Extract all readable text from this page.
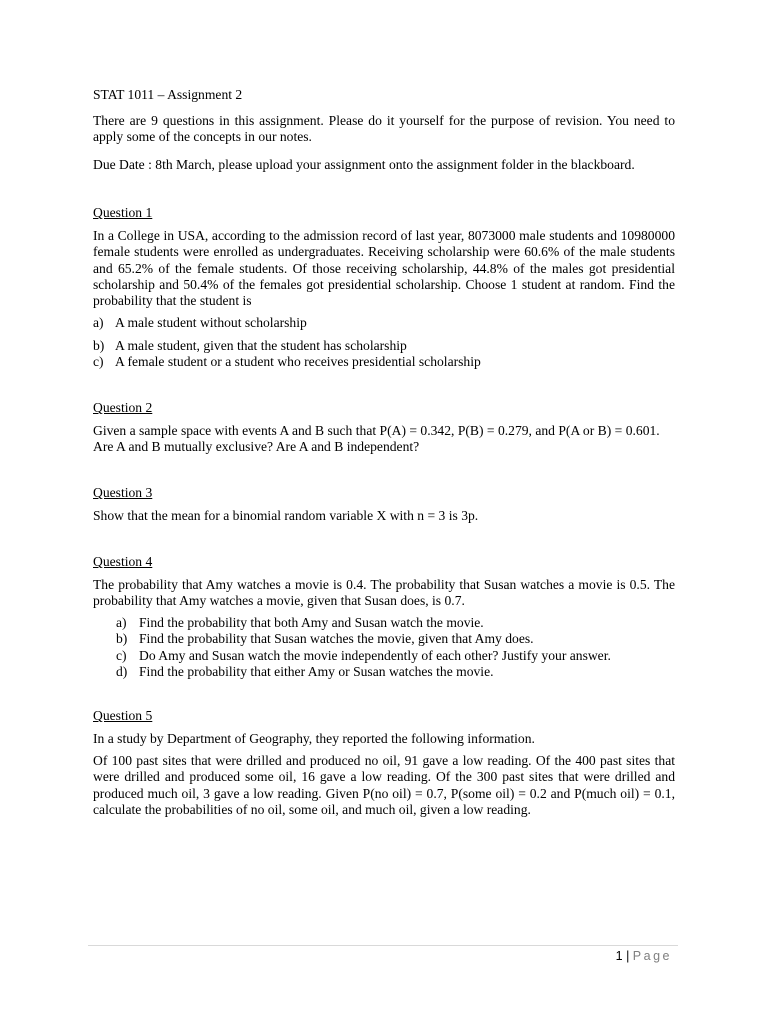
STAT 1011 – Assignment 2

There are 9 questions in this assignment. Please do it yourself for the purpose of revision. You need to apply some of the concepts in our notes.

Due Date : 8th March, please upload your assignment onto the assignment folder in the blackboard.

Question 1

In a College in USA, according to the admission record of last year, 8073000 male students and 10980000 female students were enrolled as undergraduates. Receiving scholarship were 60.6% of the male students and 65.2% of the female students. Of those receiving scholarship, 44.8% of the males got presidential scholarship and 50.4% of the females got presidential scholarship. Choose 1 student at random. Find the probability that the student is

a) A male student without scholarship

b) A male student, given that the student has scholarship

c) A female student or a student who receives presidential scholarship

Question 2

Given a sample space with events A and B such that P(A) = 0.342, P(B) = 0.279, and P(A or B) = 0.601.

Are A and B mutually exclusive? Are A and B independent?

Question 3

Show that the mean for a binomial random variable X with n = 3 is 3p.

Question 4

The probability that Amy watches a movie is 0.4. The probability that Susan watches a movie is 0.5. The probability that Amy watches a movie, given that Susan does, is 0.7.

a) Find the probability that both Amy and Susan watch the movie.

b) Find the probability that Susan watches the movie, given that Amy does.

c) Do Amy and Susan watch the movie independently of each other? Justify your answer.

d) Find the probability that either Amy or Susan watches the movie.

Question 5

In a study by Department of Geography, they reported the following information.

Of 100 past sites that were drilled and produced no oil, 91 gave a low reading. Of the 400 past sites that were drilled and produced some oil, 16 gave a low reading. Of the 300 past sites that were drilled and produced much oil, 3 gave a low reading. Given P(no oil) = 0.7, P(some oil) = 0.2 and P(much oil) = 0.1, calculate the probabilities of no oil, some oil, and much oil, given a low reading.

1 | Page
